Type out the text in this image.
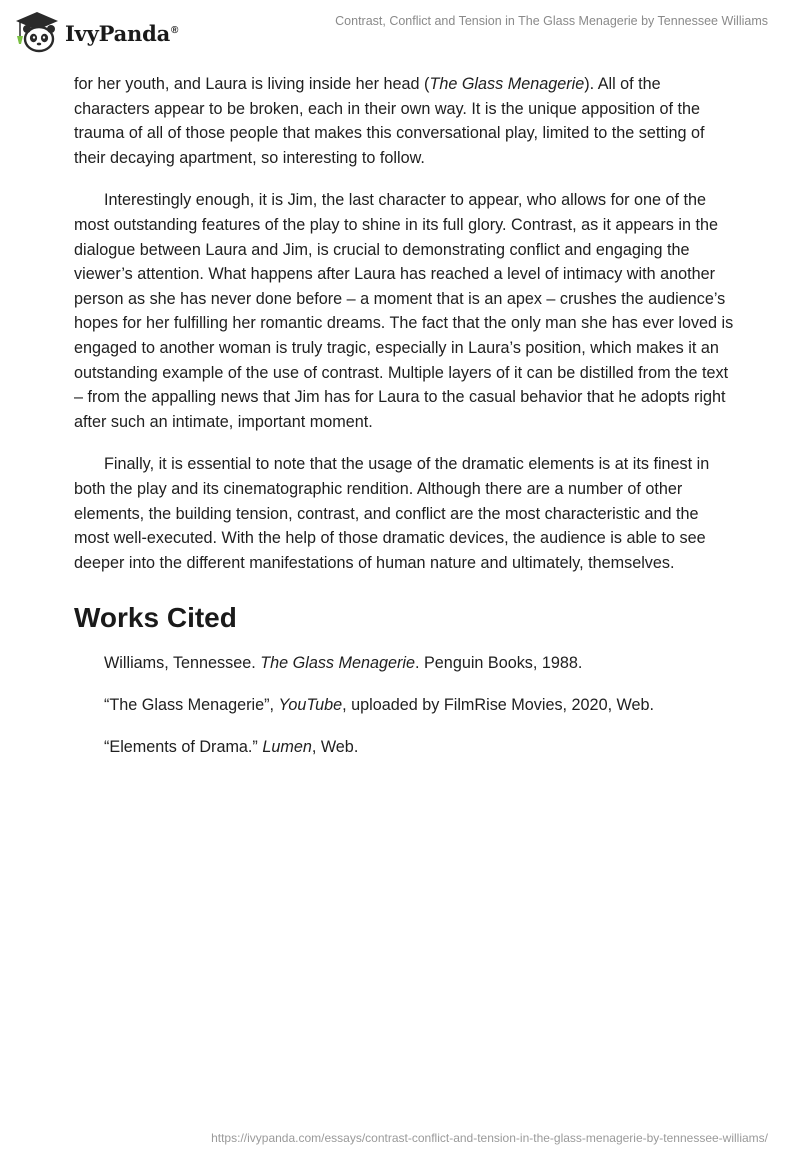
IvyPanda®
Contrast, Conflict and Tension in The Glass Menagerie by Tennessee Williams

for her youth, and Laura is living inside her head (The Glass Menagerie). All of the characters appear to be broken, each in their own way. It is the unique apposition of the trauma of all of those people that makes this conversational play, limited to the setting of their decaying apartment, so interesting to follow.

Interestingly enough, it is Jim, the last character to appear, who allows for one of the most outstanding features of the play to shine in its full glory. Contrast, as it appears in the dialogue between Laura and Jim, is crucial to demonstrating conflict and engaging the viewer’s attention. What happens after Laura has reached a level of intimacy with another person as she has never done before – a moment that is an apex – crushes the audience’s hopes for her fulfilling her romantic dreams. The fact that the only man she has ever loved is engaged to another woman is truly tragic, especially in Laura’s position, which makes it an outstanding example of the use of contrast. Multiple layers of it can be distilled from the text – from the appalling news that Jim has for Laura to the casual behavior that he adopts right after such an intimate, important moment.

Finally, it is essential to note that the usage of the dramatic elements is at its finest in both the play and its cinematographic rendition. Although there are a number of other elements, the building tension, contrast, and conflict are the most characteristic and the most well-executed. With the help of those dramatic devices, the audience is able to see deeper into the different manifestations of human nature and ultimately, themselves.

Works Cited

Williams, Tennessee. The Glass Menagerie. Penguin Books, 1988.

“The Glass Menagerie”, YouTube, uploaded by FilmRise Movies, 2020, Web.

“Elements of Drama.” Lumen, Web.

https://ivypanda.com/essays/contrast-conflict-and-tension-in-the-glass-menagerie-by-tennessee-williams/
